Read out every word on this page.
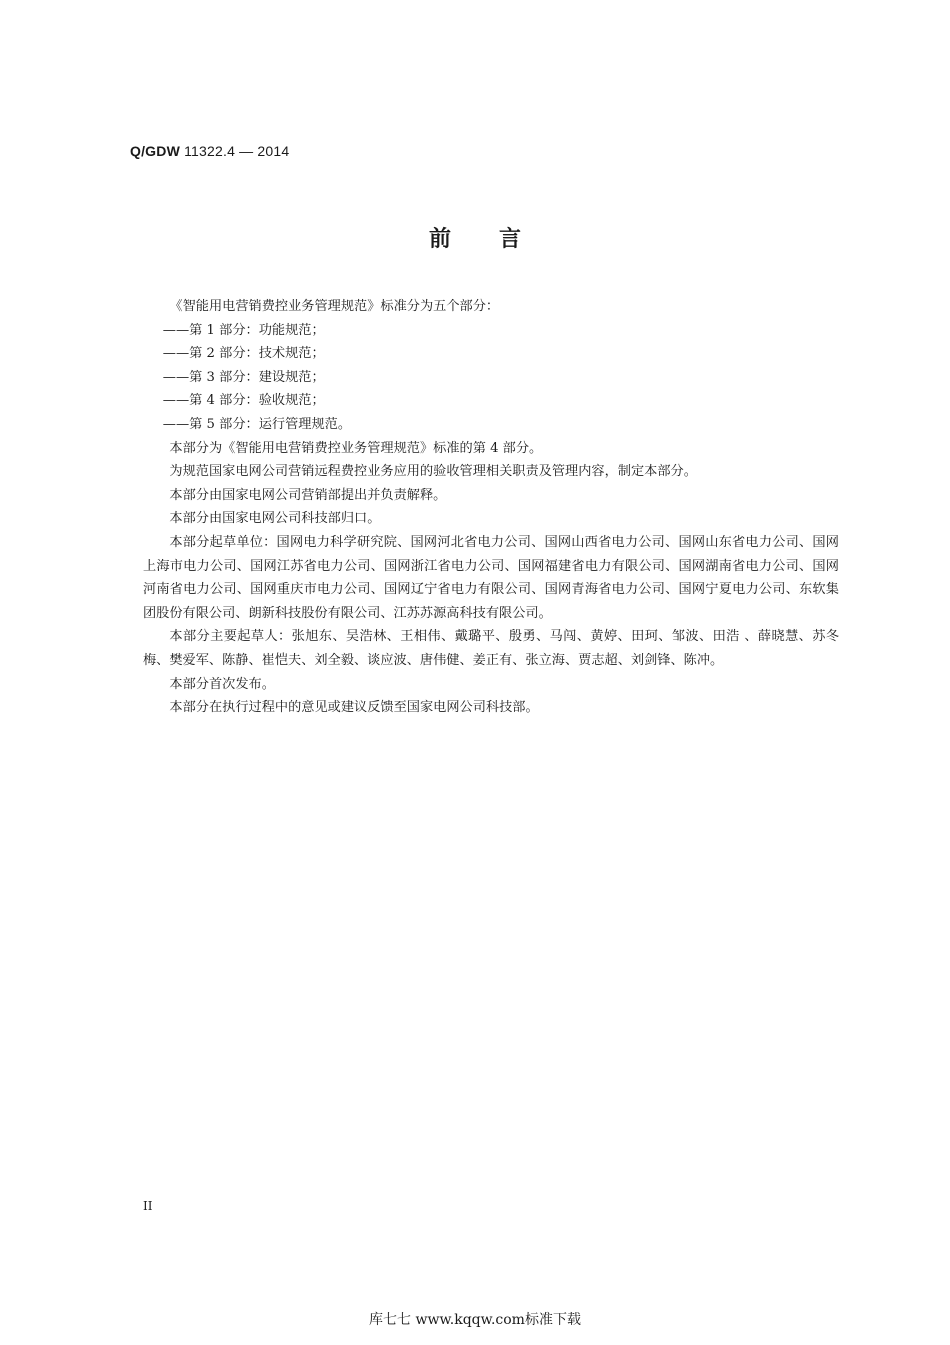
Q/GDW 11322.4 — 2014
前言

《智能用电营销费控业务管理规范》标准分为五个部分：

——第 1 部分：功能规范；
——第 2 部分：技术规范；
——第 3 部分：建设规范；
——第 4 部分：验收规范；
——第 5 部分：运行管理规范。

本部分为《智能用电营销费控业务管理规范》标准的第 4 部分。

为规范国家电网公司营销远程费控业务应用的验收管理相关职责及管理内容，制定本部分。

本部分由国家电网公司营销部提出并负责解释。

本部分由国家电网公司科技部归口。

本部分起草单位：国网电力科学研究院、国网河北省电力公司、国网山西省电力公司、国网山东省电力公司、国网上海市电力公司、国网江苏省电力公司、国网浙江省电力公司、国网福建省电力有限公司、国网湖南省电力公司、国网河南省电力公司、国网重庆市电力公司、国网辽宁省电力有限公司、国网青海省电力公司、国网宁夏电力公司、东软集团股份有限公司、朗新科技股份有限公司、江苏苏源高科技有限公司。

本部分主要起草人：张旭东、吴浩林、王相伟、戴璐平、殷勇、马闯、黄婷、田珂、邹波、田浩 、薛晓慧、苏冬梅、樊爱军、陈静、崔恺夫、刘全毅、谈应波、唐伟健、姜正有、张立海、贾志超、刘剑锋、陈冲。

本部分首次发布。

本部分在执行过程中的意见或建议反馈至国家电网公司科技部。

II
库七七 www.kqqw.com标准下载
